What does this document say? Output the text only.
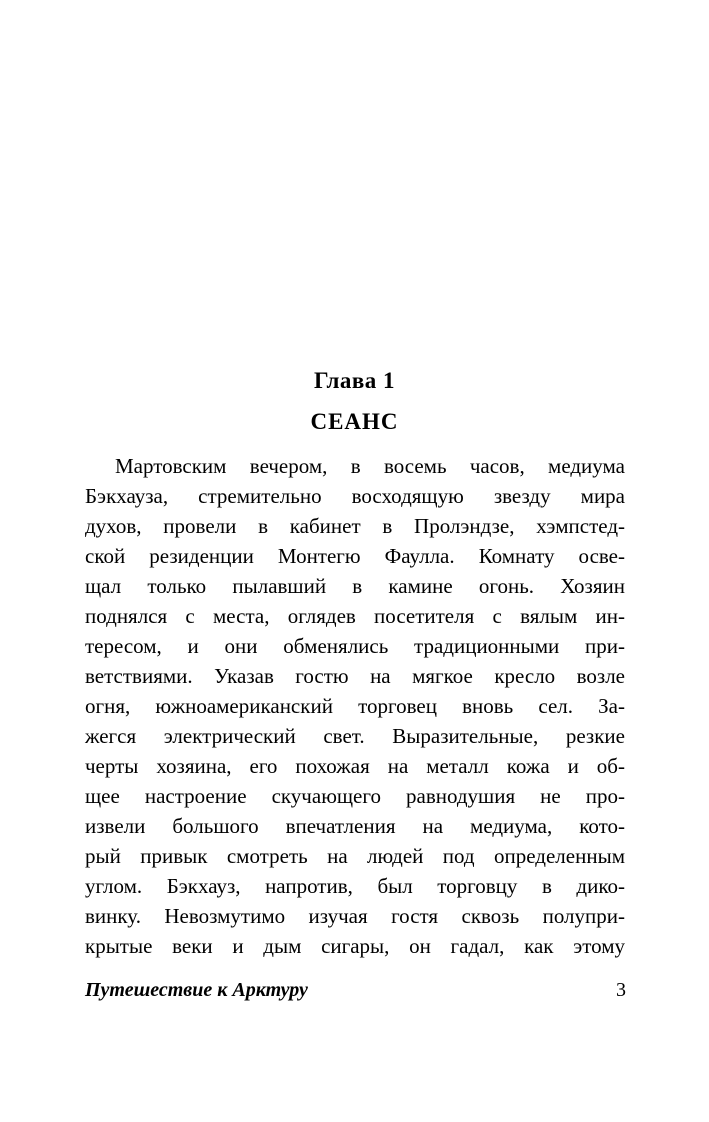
Глава 1
СЕАНС
Мартовским вечером, в восемь часов, медиума
Бэкхауза, стремительно восходящую звезду мира
духов, провели в кабинет в Пролэндзе, хэмпстед-
ской резиденции Монтегю Фаулла. Комнату осве-
щал только пылавший в камине огонь. Хозяин
поднялся с места, оглядев посетителя с вялым ин-
тересом, и они обменялись традиционными при-
ветствиями. Указав гостю на мягкое кресло возле
огня, южноамериканский торговец вновь сел. За-
жегся электрический свет. Выразительные, резкие
черты хозяина, его похожая на металл кожа и об-
щее настроение скучающего равнодушия не про-
извели большого впечатления на медиума, кото-
рый привык смотреть на людей под определенным
углом. Бэкхауз, напротив, был торговцу в дико-
винку. Невозмутимо изучая гостя сквозь полупри-
крытые веки и дым сигары, он гадал, как этому
Путешествие к Арктуру	3
